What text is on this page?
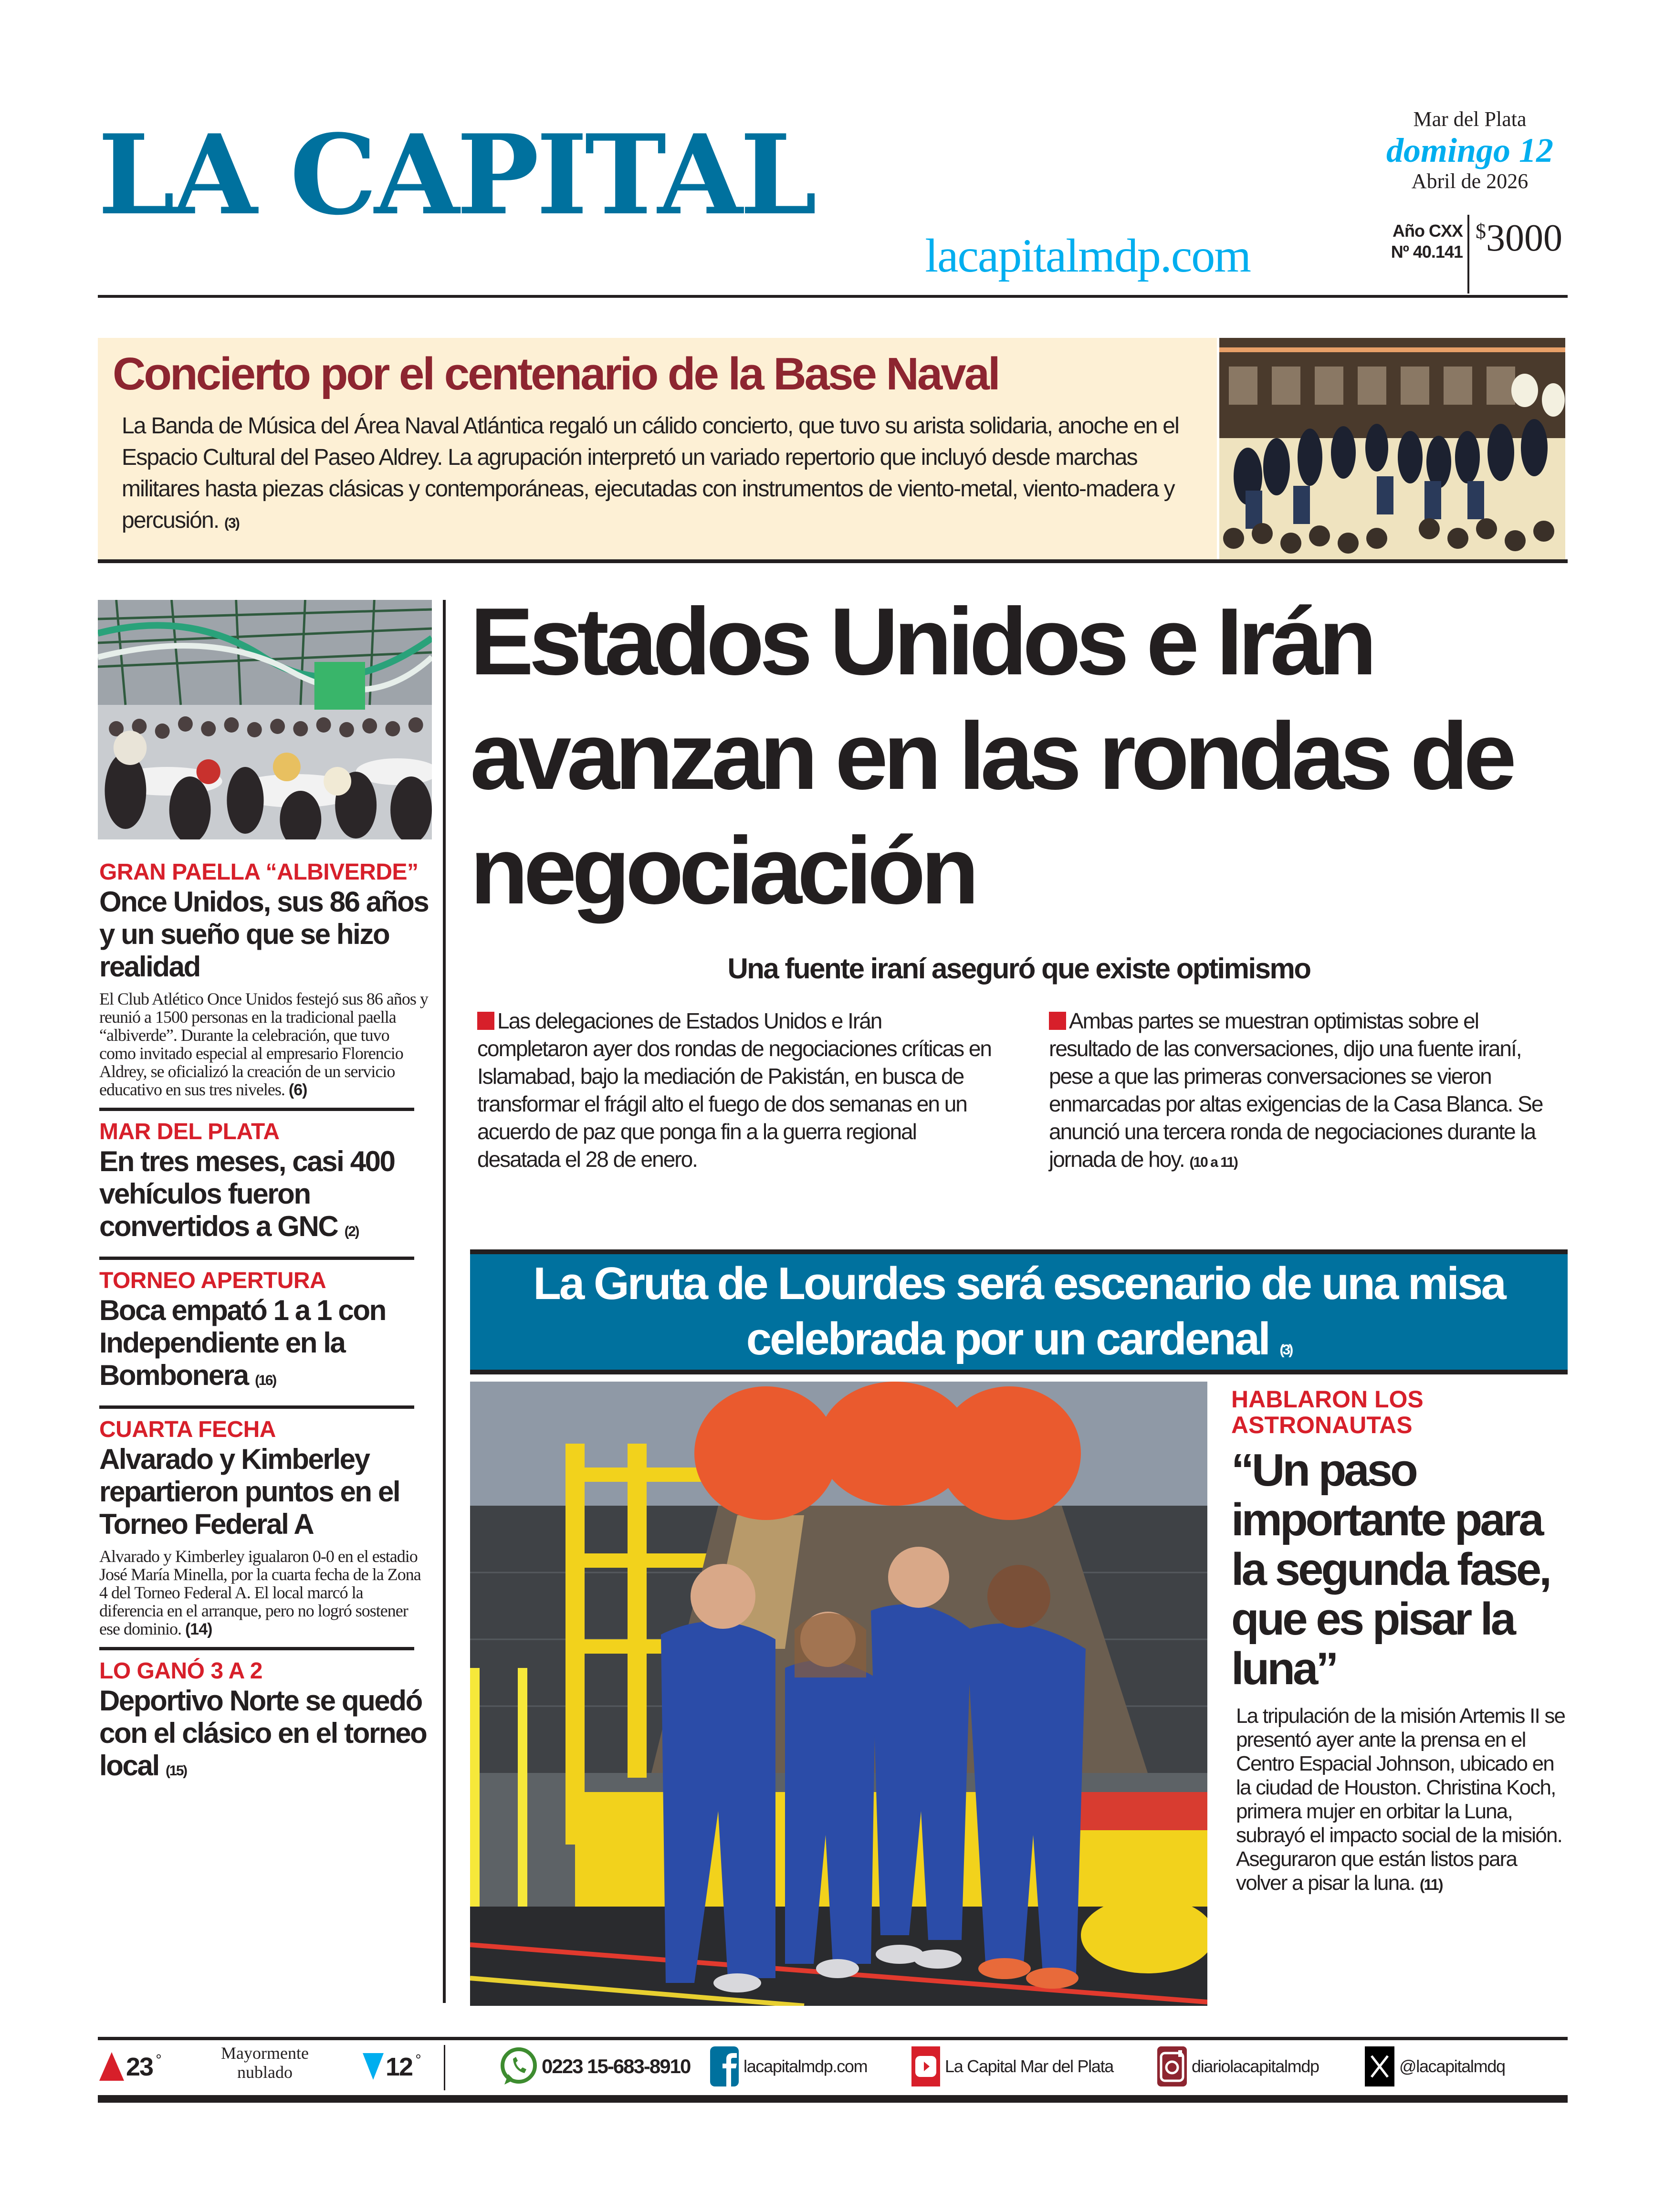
LA CAPITAL
lacapitalmdp.com
Mar del Plata
domingo 12
Abril de 2026
Año CXX
Nº 40.141
$3000
Concierto por el centenario de la Base Naval
La Banda de Música del Área Naval Atlántica regaló un cálido concierto, que tuvo su arista solidaria, anoche en el Espacio Cultural del Paseo Aldrey. La agrupación interpretó un variado repertorio que incluyó desde marchas militares hasta piezas clásicas y contemporáneas, ejecutadas con instrumentos de viento-metal, viento-madera y percusión. (3)
GRAN PAELLA “ALBIVERDE”
Once Unidos, sus 86 años y un sueño que se hizo realidad
El Club Atlético Once Unidos festejó sus 86 años y reunió a 1500 personas en la tradicional paella “albiverde”. Durante la celebración, que tuvo como invitado especial al empresario Florencio Aldrey, se oficializó la creación de un servicio educativo en sus tres niveles. (6)
MAR DEL PLATA
En tres meses, casi 400 vehículos fueron convertidos a GNC (2)
TORNEO APERTURA
Boca empató 1 a 1 con Independiente en la Bombonera (16)
CUARTA FECHA
Alvarado y Kimberley repartieron puntos en el Torneo Federal A
Alvarado y Kimberley igualaron 0-0 en el estadio José María Minella, por la cuarta fecha de la Zona 4 del Torneo Federal A. El local marcó la diferencia en el arranque, pero no logró sostener ese dominio. (14)
LO GANÓ 3 A 2
Deportivo Norte se quedó con el clásico en el torneo local (15)
Estados Unidos e Irán avanzan en las rondas de negociación
Una fuente iraní aseguró que existe optimismo
Las delegaciones de Estados Unidos e Irán completaron ayer dos rondas de negociaciones críticas en Islamabad, bajo la mediación de Pakistán, en busca de transformar el frágil alto el fuego de dos semanas en un acuerdo de paz que ponga fin a la guerra regional desatada el 28 de enero.
Ambas partes se muestran optimistas sobre el resultado de las conversaciones, dijo una fuente iraní, pese a que las primeras conversaciones se vieron enmarcadas por altas exigencias de la Casa Blanca. Se anunció una tercera ronda de negociaciones durante la jornada de hoy. (10 a 11)
La Gruta de Lourdes será escenario de una misa celebrada por un cardenal (3)
HABLARON LOS ASTRONAUTAS
“Un paso importante para la segunda fase, que es pisar la luna”
La tripulación de la misión Artemis II se presentó ayer ante la prensa en el Centro Espacial Johnson, ubicado en la ciudad de Houston. Christina Koch, primera mujer en orbitar la Luna, subrayó el impacto social de la misión. Aseguraron que están listos para volver a pisar la luna. (11)
23 °	Mayormente nublado	12 °	0223 15-683-8910	lacapitalmdp.com	La Capital Mar del Plata	diariolacapitalmdp	@lacapitalmdq
